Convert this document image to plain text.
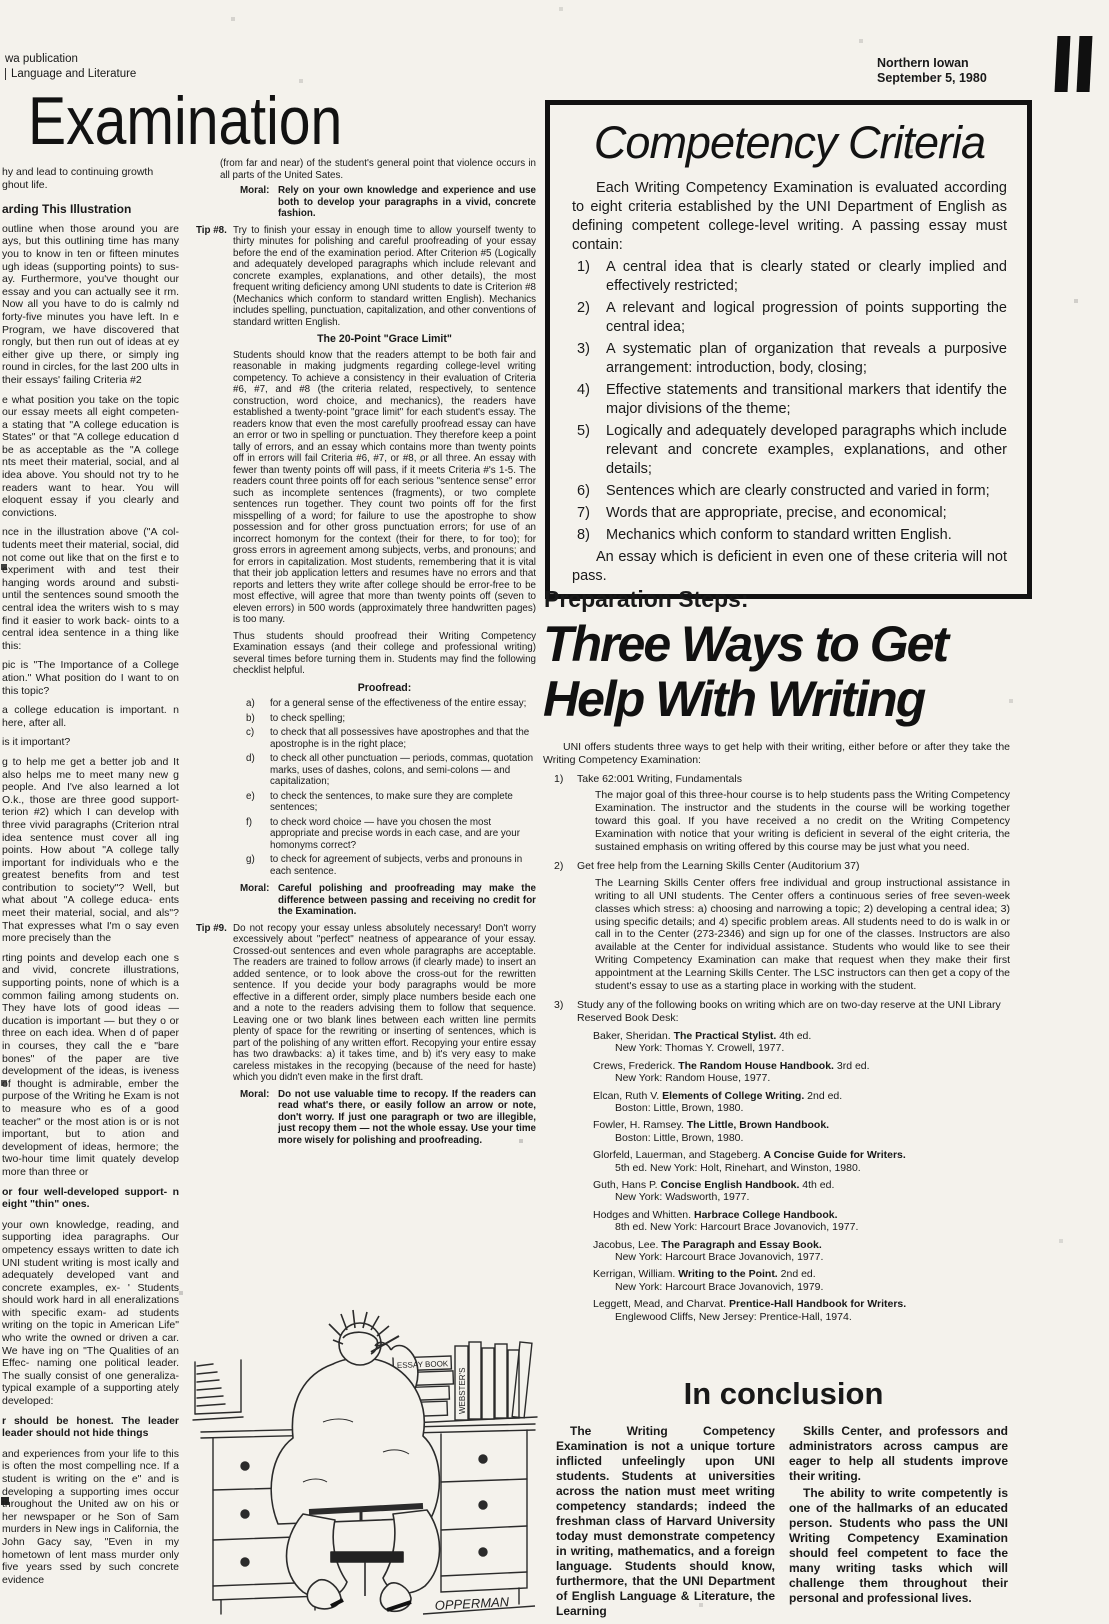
wa publication
Language and Literature
Northern Iowan
September 5, 1980
Examination
hy and lead to continuing growth
ghout life.
arding This Illustration

outline when those around you are ays, but this outlining time has many you to know in ten or fifteen minutes ugh ideas (supporting points) to sus- ay. Furthermore, you've thought our essay and you can actually see it rm. Now all you have to do is calmly nd forty-five minutes you have left. In e Program, we have discovered that rongly, but then run out of ideas at ey either give up there, or simply ing round in circles, for the last 200 ults in their essays' failing Criteria #2

e what position you take on the topic our essay meets all eight competen- a stating that "A college education is States" or that "A college education d be as acceptable as the "A college nts meet their material, social, and al idea above. You should not try to he readers want to hear. You will eloquent essay if you clearly and convictions.

nce in the illustration above ("A col- tudents meet their material, social, did not come out like that on the first e to experiment with and test their hanging words around and substi- until the sentences sound smooth the central idea the writers wish to s may find it easier to work back- oints to a central idea sentence in a thing like this:

pic is "The Importance of a College ation." What position do I want to on this topic?

a college education is important. n here, after all.

is it important?

g to help me get a better job and It also helps me to meet many new g people. And I've also learned a lot O.k., those are three good support- terion #2) which I can develop with three vivid paragraphs (Criterion ntral idea sentence must cover all ing points. How about "A college tally important for individuals who e the greatest benefits from and test contribution to society"? Well, but what about "A college educa- ents meet their material, social, and als"? That expresses what I'm o say even more precisely than the

rting points and develop each one s and vivid, concrete illustrations, supporting points, none of which is a common failing among students on. They have lots of good ideas — ducation is important — but they o or three on each idea. When d of paper in courses, they call the e "bare bones" of the paper are tive development of the ideas, is iveness of thought is admirable, ember the purpose of the Writing he Exam is not to measure who es of a good teacher" or the most ation is or is not important, but to ation and development of ideas, hermore; the two-hour time limit quately develop more than three or

or four well-developed support- n eight "thin" ones.

your own knowledge, reading, and supporting idea paragraphs. Our ompetency essays written to date ich UNI student writing is most ically and adequately developed vant and concrete examples, ex- ' Students should work hard in all eneralizations with specific exam- ad students writing on the topic in American Life" who write the owned or driven a car. We have ing on "The Qualities of an Effec- naming one political leader. The sually consist of one generaliza- typical example of a supporting ately developed:

r should be honest. The leader leader should not hide things

and experiences from your life to this is often the most compelling nce. If a student is writing on the e" and is developing a supporting imes occur throughout the United aw on his or her newspaper or he Son of Sam murders in New ings in California, the John Gacy say, "Even in my hometown of lent mass murder only five years ssed by such concrete evidence

(from far and near) of the student's general point that violence occurs in all parts of the United Sates.
Moral: Rely on your own knowledge and experience and use both to develop your paragraphs in a vivid, concrete fashion.
Tip #8. Try to finish your essay in enough time to allow yourself twenty to thirty minutes for polishing and careful proofreading of your essay before the end of the examination period. After Criterion #5 (Logically and adequately developed paragraphs which include relevant and concrete examples, explanations, and other details), the most frequent writing deficiency among UNI students to date is Criterion #8 (Mechanics which conform to standard written English). Mechanics includes spelling, punctuation, capitalization, and other conventions of standard written English.
The 20-Point "Grace Limit"
Students should know that the readers attempt to be both fair and reasonable in making judgments regarding college-level writing competency. To achieve a consistency in their evaluation of Criteria #6, #7, and #8 (the criteria related, respectively, to sentence construction, word choice, and mechanics), the readers have established a twenty-point "grace limit" for each student's essay. The readers know that even the most carefully proofread essay can have an error or two in spelling or punctuation. They therefore keep a point tally of errors, and an essay which contains more than twenty points off in errors will fail Criteria #6, #7, or #8, or all three. An essay with fewer than twenty points off will pass, if it meets Criteria #'s 1-5. The readers count three points off for each serious "sentence sense" error such as incomplete sentences (fragments), or two complete sentences run together. They count two points off for the first misspelling of a word; for failure to use the apostrophe to show possession and for other gross punctuation errors; for use of an incorrect homonym for the context (their for there, to for too); for gross errors in agreement among subjects, verbs, and pronouns; and for errors in capitalization. Most students, remembering that it is vital that their job application letters and resumes have no errors and that reports and letters they write after college should be error-free to be most effective, will agree that more than twenty points off (seven to eleven errors) in 500 words (approximately three handwritten pages) is too many.
Thus students should proofread their Writing Competency Examination essays (and their college and professional writing) several times before turning them in. Students may find the following checklist helpful.
Proofread:
a) for a general sense of the effectiveness of the entire essay;
b) to check spelling;
c) to check that all possessives have apostrophes and that the apostrophe is in the right place;
d) to check all other punctuation — periods, commas, quotation marks, uses of dashes, colons, and semi-colons — and capitalization;
e) to check the sentences, to make sure they are complete sentences;
f) to check word choice — have you chosen the most appropriate and precise words in each case, and are your homonyms correct?
g) to check for agreement of subjects, verbs and pronouns in each sentence.
Moral: Careful polishing and proofreading may make the difference between passing and receiving no credit for the Examination.
Tip #9. Do not recopy your essay unless absolutely necessary! Don't worry excessively about "perfect" neatness of appearance of your essay. Crossed-out sentences and even whole paragraphs are acceptable. The readers are trained to follow arrows (if clearly made) to insert an added sentence, or to look above the cross-out for the rewritten sentence. If you decide your body paragraphs would be more effective in a different order, simply place numbers beside each one and a note to the readers advising them to follow that sequence. Leaving one or two blank lines between each written line permits plenty of space for the rewriting or inserting of sentences, which is part of the polishing of any written effort. Recopying your entire essay has two drawbacks: a) it takes time, and b) it's very easy to make careless mistakes in the recopying (because of the need for haste) which you didn't even make in the first draft.
Moral: Do not use valuable time to recopy. If the readers can read what's there, or easily follow an arrow or note, don't worry. If just one paragraph or two are illegible, just recopy them — not the whole essay. Use your time more wisely for polishing and proofreading.
Competency Criteria
Each Writing Competency Examination is evaluated according to eight criteria established by the UNI Department of English as defining competent college-level writing. A passing essay must contain:
1) A central idea that is clearly stated or clearly implied and effectively restricted;
2) A relevant and logical progression of points supporting the central idea;
3) A systematic plan of organization that reveals a purposive arrangement: introduction, body, closing;
4) Effective statements and transitional markers that identify the major divisions of the theme;
5) Logically and adequately developed paragraphs which include relevant and concrete examples, explanations, and other details;
6) Sentences which are clearly constructed and varied in form;
7) Words that are appropriate, precise, and economical;
8) Mechanics which conform to standard written English.
An essay which is deficient in even one of these criteria will not pass.
Preparation Steps:
Three Ways to Get
Help With Writing
UNI offers students three ways to get help with their writing, either before or after they take the Writing Competency Examination:
1) Take 62:001 Writing, Fundamentals
The major goal of this three-hour course is to help students pass the Writing Competency Examination. The instructor and the students in the course will be working together toward this goal. If you have received a no credit on the Writing Competency Examination with notice that your writing is deficient in several of the eight criteria, the sustained emphasis on writing offered by this course may be just what you need.
2) Get free help from the Learning Skills Center (Auditorium 37)
The Learning Skills Center offers free individual and group instructional assistance in writing to all UNI students. The Center offers a continuous series of free seven-week classes which stress: a) choosing and narrowing a topic; 2) developing a central idea; 3) using specific details; and 4) specific problem areas. All students need to do is walk in or call in to the Center (273-2346) and sign up for one of the classes. Instructors are also available at the Center for individual assistance. Students who would like to see their Writing Competency Examination can make that request when they make their first appointment at the Learning Skills Center. The LSC instructors can then get a copy of the student's essay to use as a starting place in working with the student.
3) Study any of the following books on writing which are on two-day reserve at the UNI Library Reserved Book Desk:
Baker, Sheridan. The Practical Stylist. 4th ed.
New York: Thomas Y. Crowell, 1977.
Crews, Frederick. The Random House Handbook. 3rd ed.
New York: Random House, 1977.
Elcan, Ruth V. Elements of College Writing. 2nd ed.
Boston: Little, Brown, 1980.
Fowler, H. Ramsey. The Little, Brown Handbook.
Boston: Little, Brown, 1980.
Glorfeld, Lauerman, and Stageberg. A Concise Guide for Writers.
5th ed. New York: Holt, Rinehart, and Winston, 1980.
Guth, Hans P. Concise English Handbook. 4th ed.
New York: Wadsworth, 1977.
Hodges and Whitten. Harbrace College Handbook.
8th ed. New York: Harcourt Brace Jovanovich, 1977.
Jacobus, Lee. The Paragraph and Essay Book.
New York: Harcourt Brace Jovanovich, 1977.
Kerrigan, William. Writing to the Point. 2nd ed.
New York: Harcourt Brace Jovanovich, 1979.
Leggett, Mead, and Charvat. Prentice-Hall Handbook for Writers.
Englewood Cliffs, New Jersey: Prentice-Hall, 1974.
In conclusion

The Writing Competency Examination is not a unique torture inflicted unfeelingly upon UNI students. Students at universities across the nation must meet writing competency standards; indeed the freshman class of Harvard University today must demonstrate competency in writing, mathematics, and a foreign language. Students should know, furthermore, that the UNI Department of English Language & Literature, the Learning

Skills Center, and professors and administrators across campus are eager to help all students improve their writing.

The ability to write competently is one of the hallmarks of an educated person. Students who pass the UNI Writing Competency Examination should feel competent to face the many writing tasks which will challenge them throughout their personal and professional lives.

ESSAY BOOK
WEBSTER'S
OPPERMAN
